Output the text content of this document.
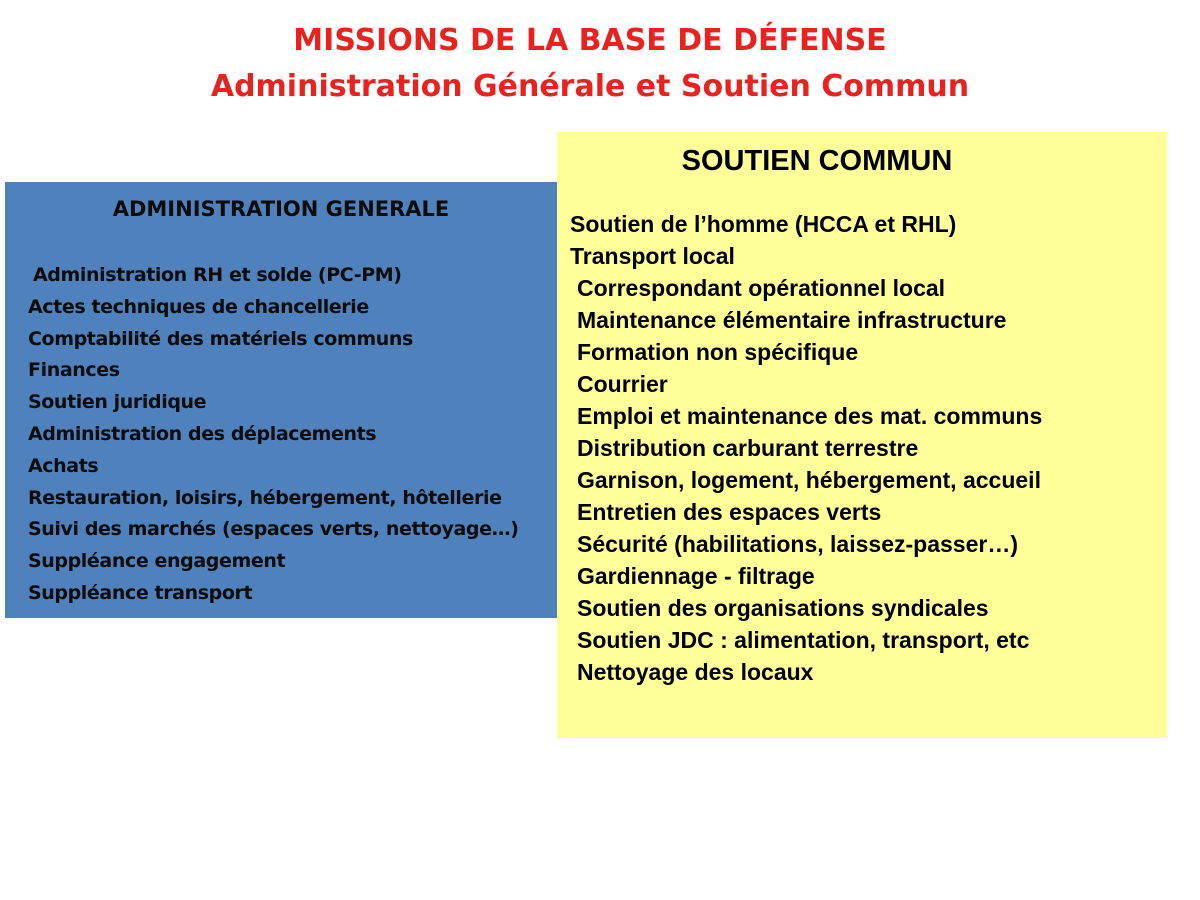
MISSIONS DE LA BASE DE DÉFENSE
Administration Générale et Soutien Commun
ADMINISTRATION GENERALE
Administration RH et solde (PC-PM)
Actes techniques de chancellerie
Comptabilité des matériels communs
Finances
Soutien juridique
Administration des déplacements
Achats
Restauration, loisirs, hébergement, hôtellerie
Suivi des marchés (espaces verts, nettoyage…)
Suppléance engagement
Suppléance transport
SOUTIEN COMMUN
Soutien de l’homme (HCCA et RHL)
Transport local
Correspondant opérationnel local
Maintenance élémentaire infrastructure
Formation non spécifique
Courrier
Emploi et maintenance des mat. communs
Distribution carburant terrestre
Garnison, logement, hébergement, accueil
Entretien des espaces verts
Sécurité (habilitations, laissez-passer…)
Gardiennage - filtrage
Soutien des organisations syndicales
Soutien JDC : alimentation, transport, etc
Nettoyage des locaux
